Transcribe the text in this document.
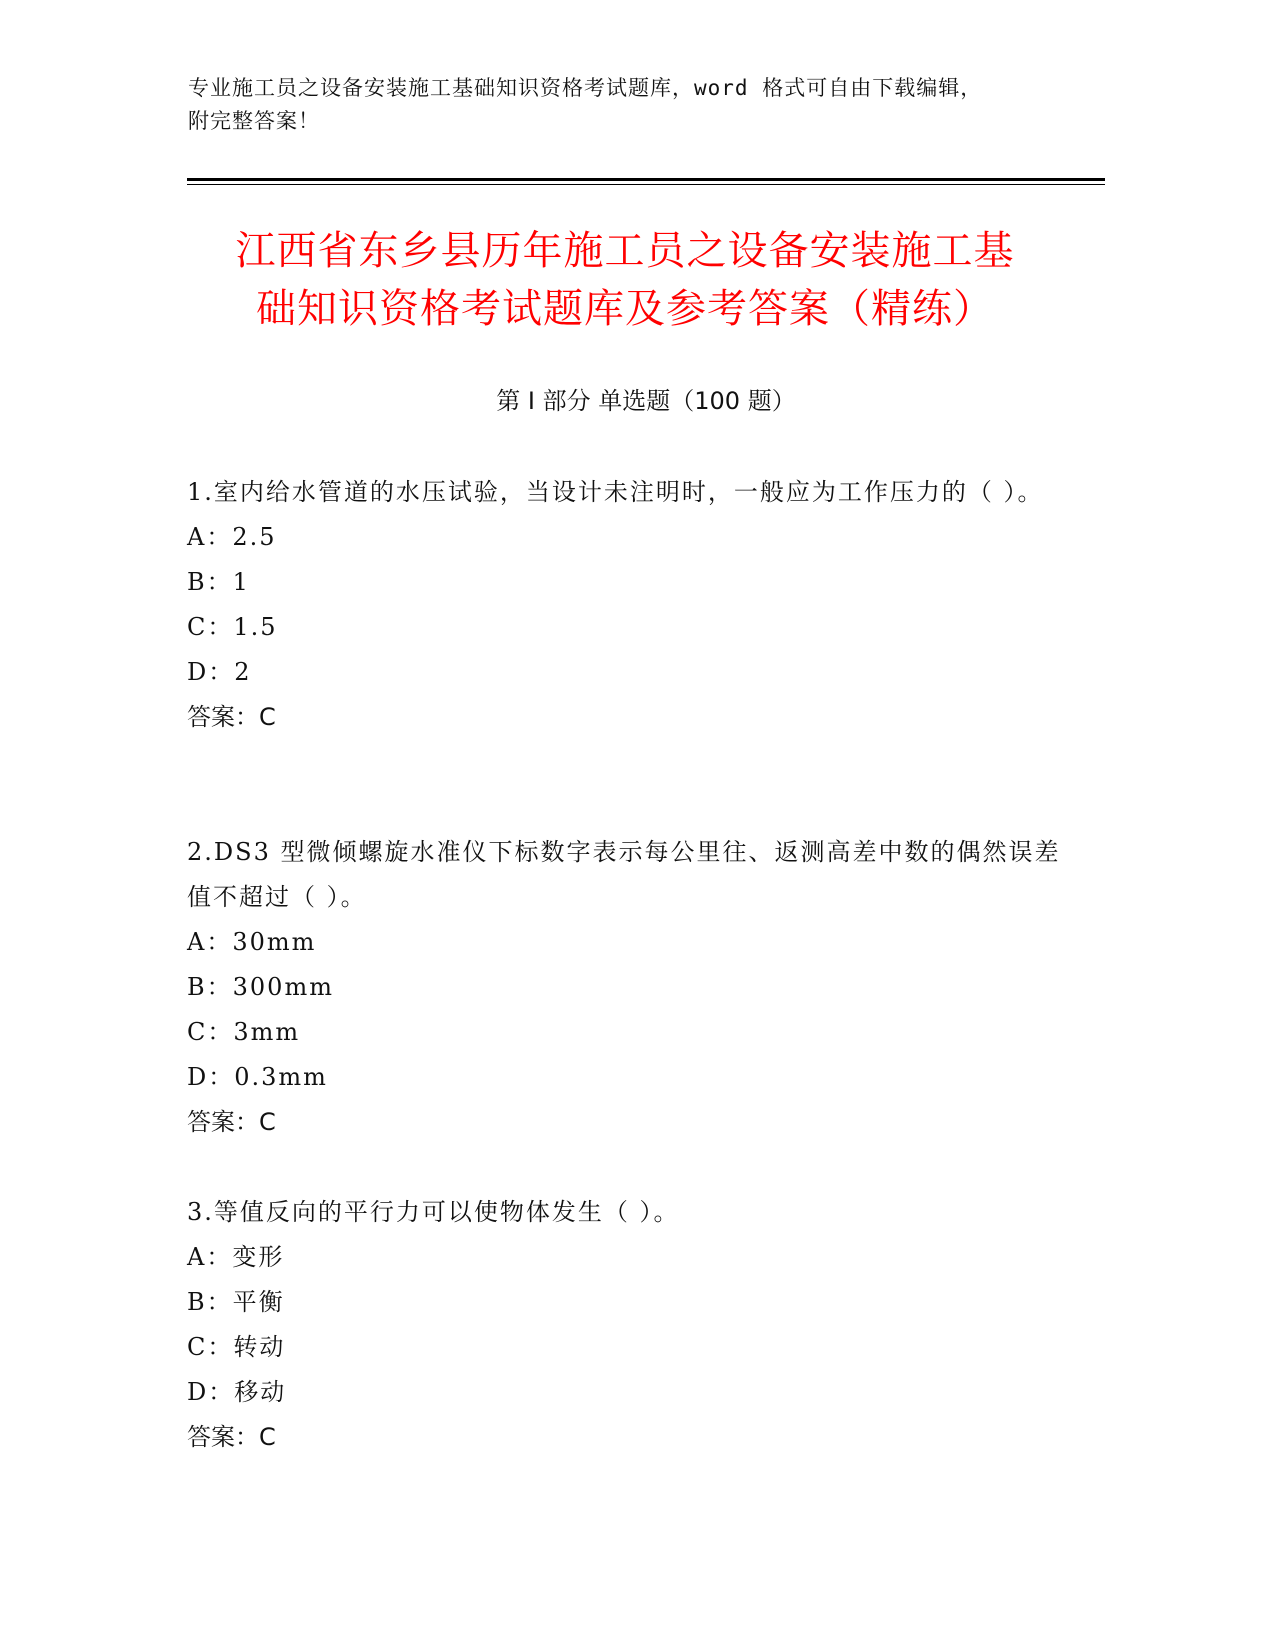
专业施工员之设备安装施工基础知识资格考试题库，word 格式可自由下载编辑，
附完整答案！
江西省东乡县历年施工员之设备安装施工基
础知识资格考试题库及参考答案（精练）
第 I 部分 单选题（100 题）

1.室内给水管道的水压试验，当设计未注明时，一般应为工作压力的（ ）。

A：2.5

B：1

C：1.5

D：2

答案：C

2.DS3 型微倾螺旋水准仪下标数字表示每公里往、返测高差中数的偶然误差值不超过（ ）。

A：30mm

B：300mm

C：3mm

D：0.3mm

答案：C

3.等值反向的平行力可以使物体发生（ ）。

A：变形

B：平衡

C：转动

D：移动

答案：C
